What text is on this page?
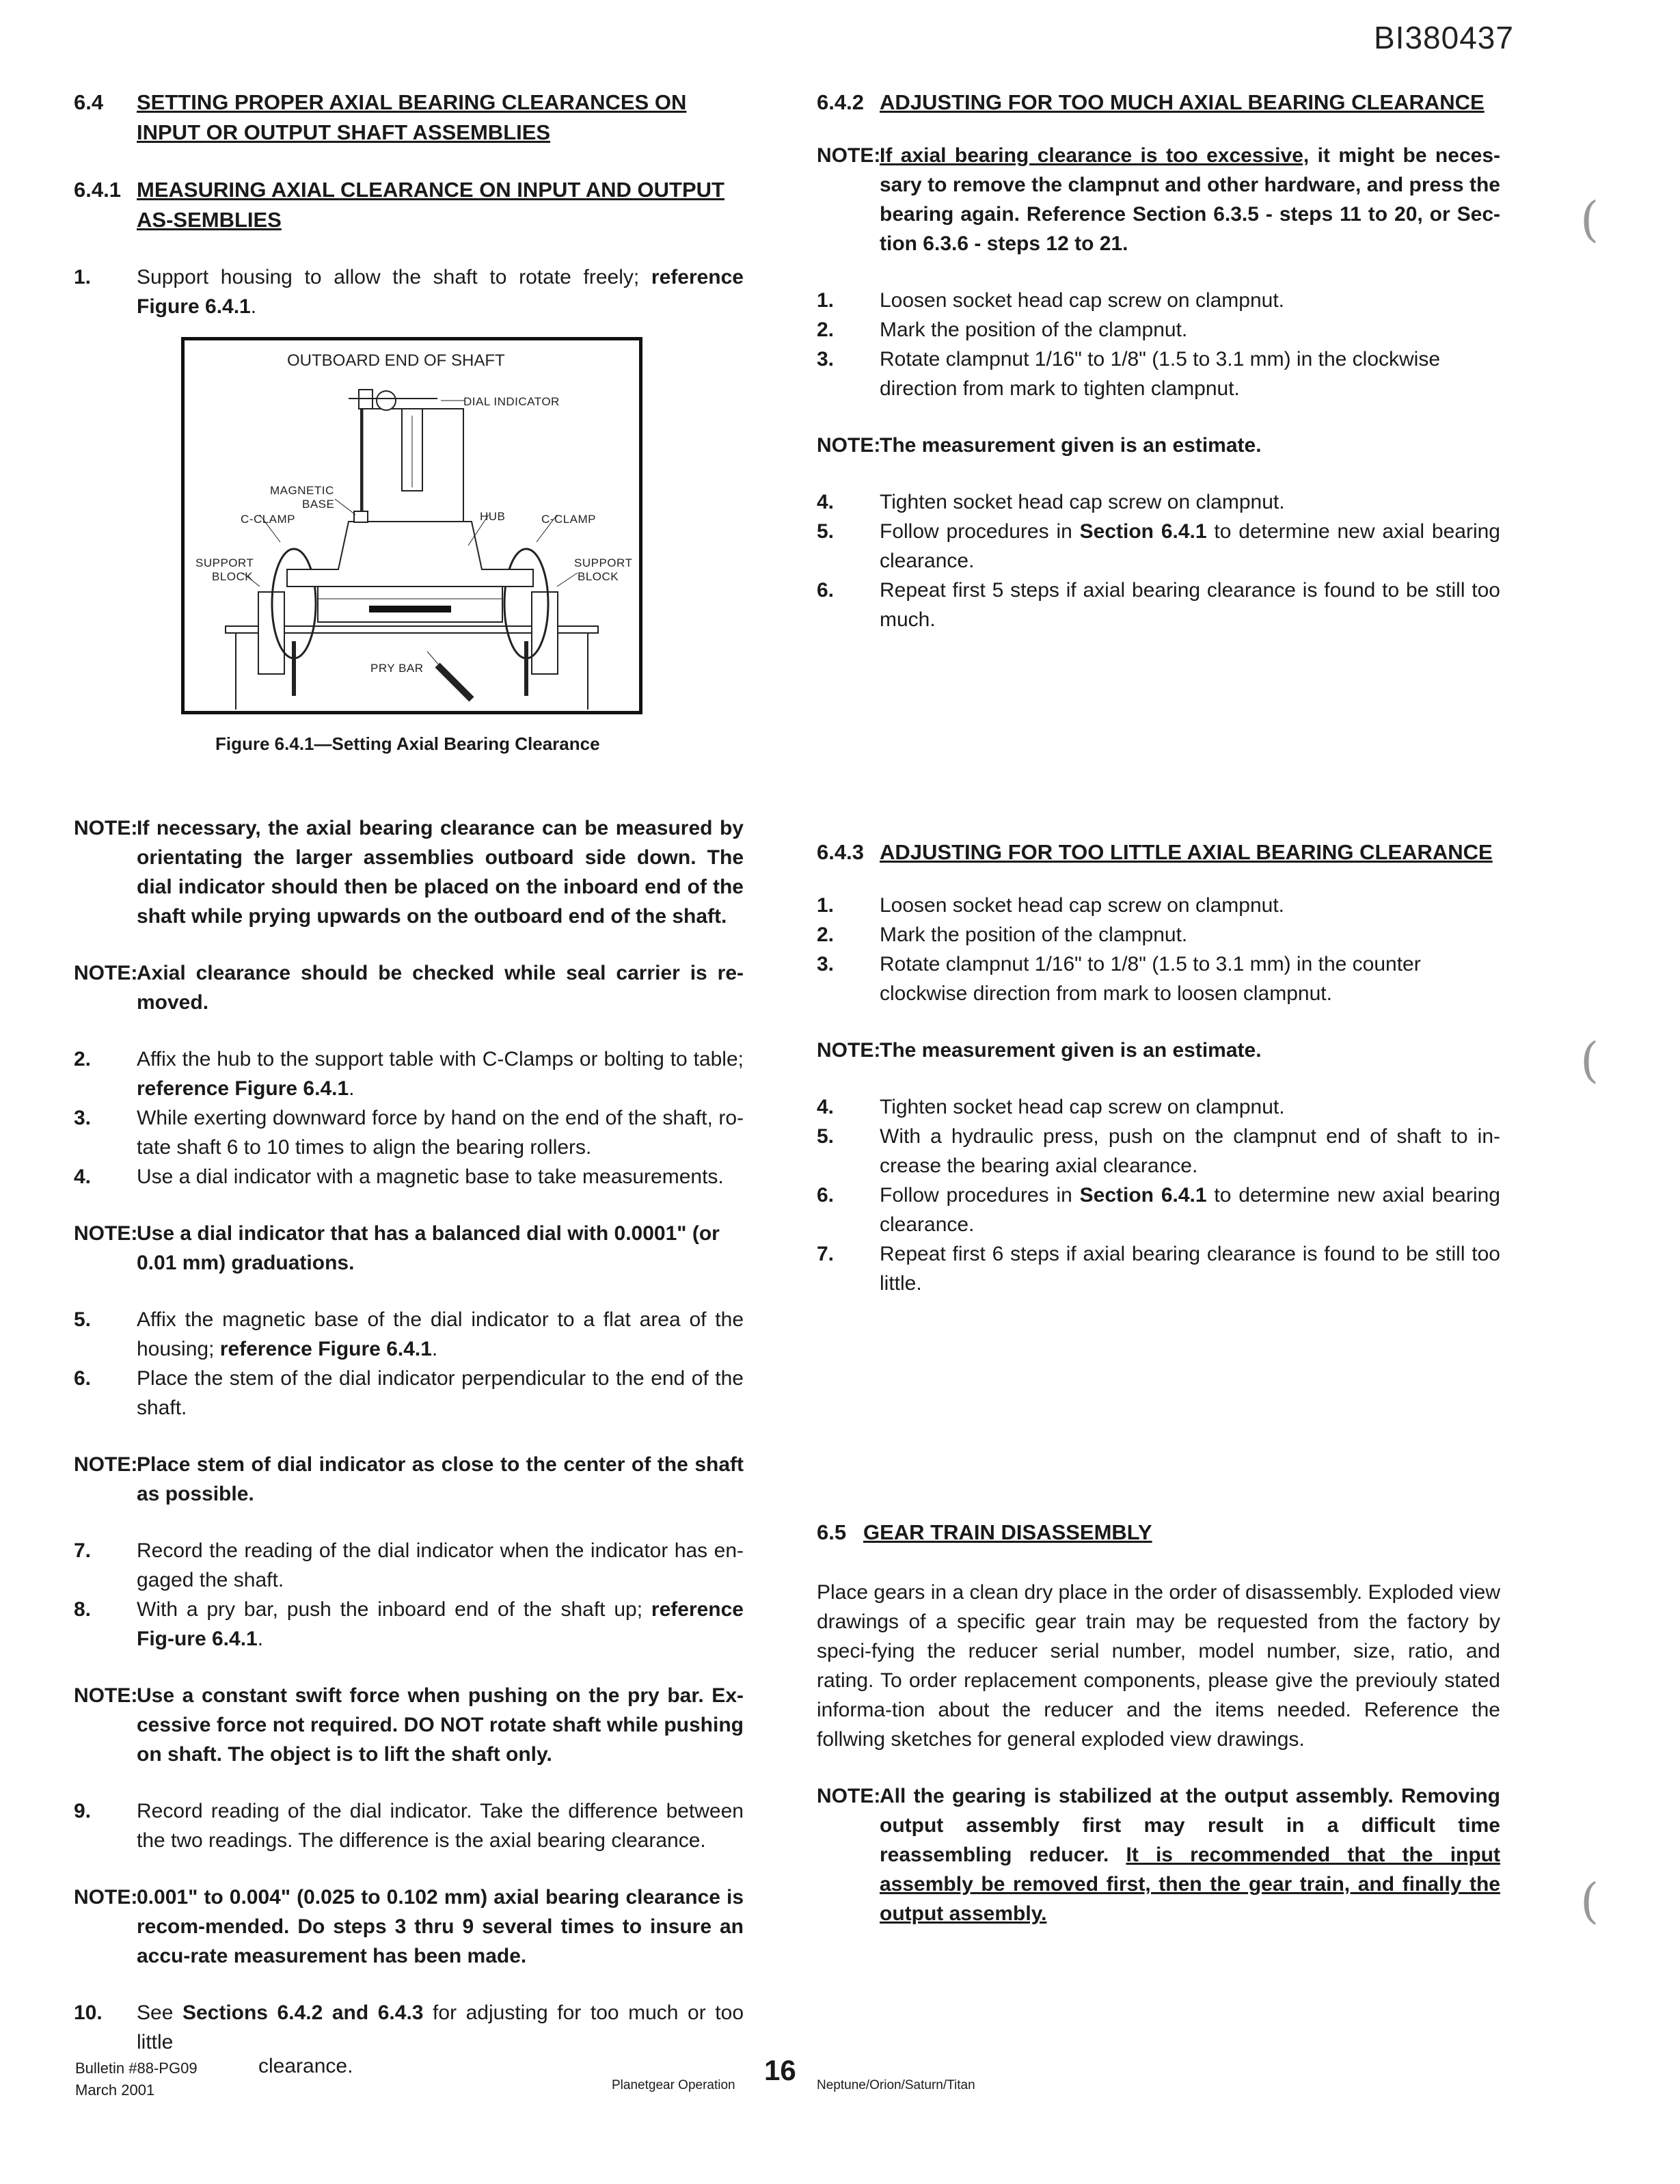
BI380437
6.4	SETTING PROPER AXIAL BEARING CLEARANCES ON INPUT OR OUTPUT SHAFT ASSEMBLIES
6.4.1 MEASURING AXIAL CLEARANCE ON INPUT AND OUTPUT AS-SEMBLIES
1.	Support housing to allow the shaft to rotate freely; reference Figure 6.4.1.
OUTBOARD END OF SHAFT
DIAL INDICATOR
MAGNETIC
BASE
C-CLAMP	HUB	C-CLAMP
SUPPORT
BLOCK
SUPPORT
BLOCK
PRY BAR
Figure 6.4.1—Setting Axial Bearing Clearance
NOTE:
If necessary, the axial bearing clearance can be measured by orientating the larger assemblies outboard side down. The dial indicator should then be placed on the inboard end of the shaft while prying upwards on the outboard end of the shaft.
NOTE:
Axial clearance should be checked while seal carrier is re-moved.
2.	Affix the hub to the support table with C-Clamps or bolting to table; reference Figure 6.4.1.
3.	While exerting downward force by hand on the end of the shaft, ro-tate shaft 6 to 10 times to align the bearing rollers.
4.	Use a dial indicator with a magnetic base to take measurements.
NOTE:
Use a dial indicator that has a balanced dial with 0.0001" (or 0.01 mm) graduations.
5.	Affix the magnetic base of the dial indicator to a flat area of the housing; reference Figure 6.4.1.
6.	Place the stem of the dial indicator perpendicular to the end of the shaft.
NOTE:
Place stem of dial indicator as close to the center of the shaft as possible.
7.	Record the reading of the dial indicator when the indicator has en-gaged the shaft.
8.	With a pry bar, push the inboard end of the shaft up; reference Fig-ure 6.4.1.
NOTE:
Use a constant swift force when pushing on the pry bar. Ex-cessive force not required. DO NOT rotate shaft while pushing on shaft. The object is to lift the shaft only.
9.	Record reading of the dial indicator. Take the difference between the two readings. The difference is the axial bearing clearance.
NOTE:
0.001" to 0.004" (0.025 to 0.102 mm) axial bearing clearance is recom-mended. Do steps 3 thru 9 several times to insure an accu-rate measurement has been made.
10.	See Sections 6.4.2 and 6.4.3 for adjusting for too much or too little
6.4.2 ADJUSTING FOR TOO MUCH AXIAL BEARING CLEARANCE
NOTE:
If axial bearing clearance is too excessive, it might be neces-sary to remove the clampnut and other hardware, and press the bearing again. Reference Section 6.3.5 - steps 11 to 20, or Sec-tion 6.3.6 - steps 12 to 21.
1.	Loosen socket head cap screw on clampnut.
2.	Mark the position of the clampnut.
3.	Rotate clampnut 1/16" to 1/8" (1.5 to 3.1 mm) in the clockwise direction from mark to tighten clampnut.
NOTE:
The measurement given is an estimate.
4.	Tighten socket head cap screw on clampnut.
5.	Follow procedures in Section 6.4.1 to determine new axial bearing clearance.
6.	Repeat first 5 steps if axial bearing clearance is found to be still too much.
6.4.3 ADJUSTING FOR TOO LITTLE AXIAL BEARING CLEARANCE
1.	Loosen socket head cap screw on clampnut.
2.	Mark the position of the clampnut.
3.	Rotate clampnut 1/16" to 1/8" (1.5 to 3.1 mm) in the counter clockwise direction from mark to loosen clampnut.
NOTE:
The measurement given is an estimate.
4.	Tighten socket head cap screw on clampnut.
5.	With a hydraulic press, push on the clampnut end of shaft to in-crease the bearing axial clearance.
6.	Follow procedures in Section 6.4.1 to determine new axial bearing clearance.
7.	Repeat first 6 steps if axial bearing clearance is found to be still too little.
6.5 GEAR TRAIN DISASSEMBLY
Place gears in a clean dry place in the order of disassembly. Exploded view drawings of a specific gear train may be requested from the factory by speci-fying the reducer serial number, model number, size, ratio, and rating. To order replacement components, please give the previouly stated informa-tion about the reducer and the items needed. Reference the follwing sketches for general exploded view drawings.
NOTE:
All the gearing is stabilized at the output assembly. Removing output assembly first may result in a difficult time reassembling reducer. It is recommended that the input assembly be removed first, then the gear train, and finally the output assembly.
(
(
(
Bulletin #88-PG09
March 2001
clearance.
Planetgear Operation 16 Neptune/Orion/Saturn/Titan
